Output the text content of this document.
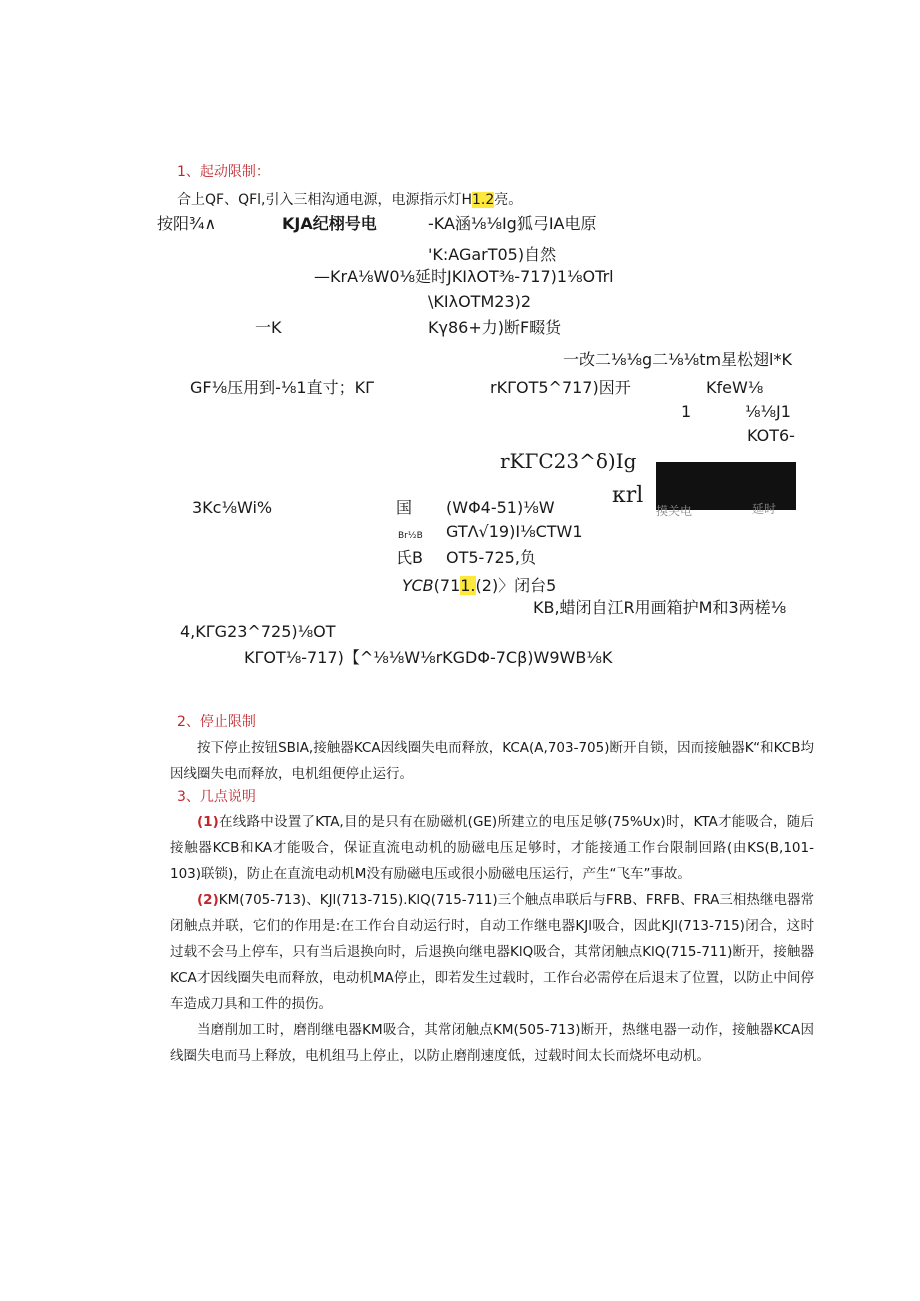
1、起动限制：
合上QF、QFl,引入三相沟通电源，电源指示灯H1.2亮。
按阳¾∧	KJA纪栩号电	-KA涵⅛⅛Ig狐弓IA电原
'K:AGarT05)自然
—KrA⅛W0⅛延时JKIλOT⅜-717)1⅛OTrl
\KIλOTM23)2
一K	Kγ86+力)断F畷货
一改二⅛⅛g二⅛⅛tm星松翅l*K
GF⅛压用到-⅛1直寸；KΓ	rKΓOT5^717)因开	KfeW⅛
1	⅛⅛J1
KOT6-
rKΓC23^δ)Ig
κrl
摸关电	延时
3Kc⅛Wi%	国 (WΦ4-51)⅛W
Br½B GTΛ√19)I⅛CTW1
氏B OT5-725,负
YCB(711.(2)〉闭台5
KB,蜡闭自江R用画箱护M和3两槎⅛
4,KΓG23^725)⅛OT
KΓOT⅛-717)【^⅛⅛W⅛rKGDΦ-7Cβ)W9WB⅛K
2、停止限制
按下停止按钮SBlA,接触器KCA因线圈失电而释放，KCA(A,703-705)断开自锁，因而接触器K“和KCB均因线圈失电而释放，电机组便停止运行。
3、几点说明
(1)在线路中设置了KTA,目的是只有在励磁机(GE)所建立的电压足够(75%Ux)时，KTA才能吸合，随后接触器KCB和KA才能吸合，保证直流电动机的励磁电压足够时，才能接通工作台限制回路(由KS(B,101-103)联锁)，防止在直流电动机M没有励磁电压或很小励磁电压运行，产生“飞车”事故。
(2)KM(705-713)、KJl(713-715).KlQ(715-711)三个触点串联后与FRB、FRFB、FRA三相热继电器常闭触点并联，它们的作用是:在工作台自动运行时，自动工作继电器KJl吸合，因此KJl(713-715)闭合，这时过载不会马上停车，只有当后退换向时，后退换向继电器KlQ吸合，其常闭触点KlQ(715-711)断开，接触器KCA才因线圈失电而释放，电动机MA停止，即若发生过载时，工作台必需停在后退末了位置，以防止中间停车造成刀具和工件的损伤。
当磨削加工时，磨削继电器KM吸合，其常闭触点KM(505-713)断开，热继电器一动作，接触器KCA因线圈失电而马上释放，电机组马上停止，以防止磨削速度低，过载时间太长而烧坏电动机。
